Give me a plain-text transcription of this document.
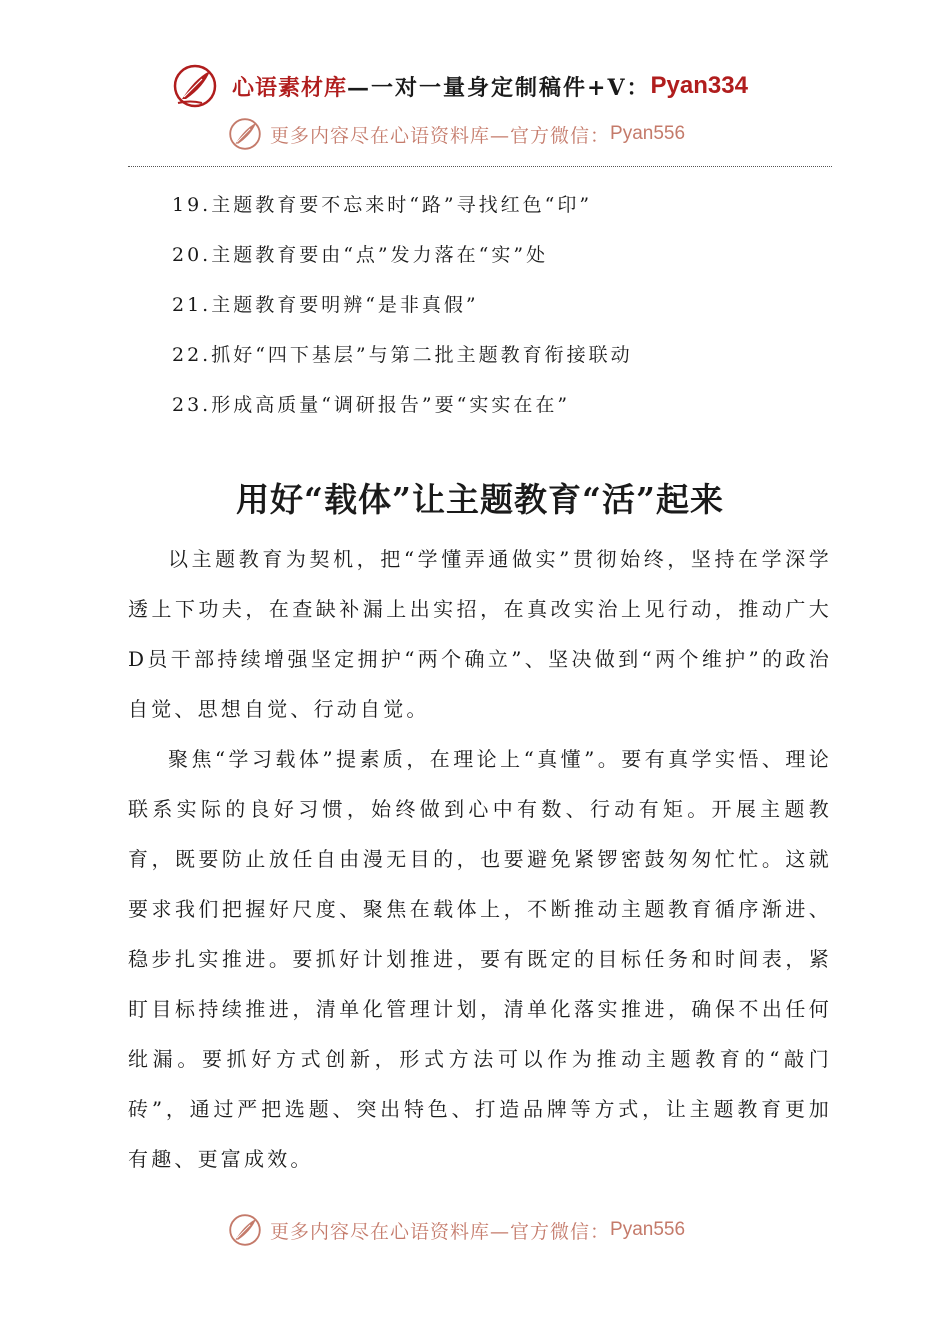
心语素材库 —一对一量身定制稿件+V： Pyan334
更多内容尽在心语资料库—官方微信： Pyan556
19.主题教育要不忘来时“路”寻找红色“印”
20.主题教育要由“点”发力落在“实”处
21.主题教育要明辨“是非真假”
22.抓好“四下基层”与第二批主题教育衔接联动
23.形成高质量“调研报告”要“实实在在”
用好“载体”让主题教育“活”起来

以主题教育为契机，把“学懂弄通做实”贯彻始终，坚持在学深学透上下功夫，在查缺补漏上出实招，在真改实治上见行动，推动广大D员干部持续增强坚定拥护“两个确立”、坚决做到“两个维护”的政治自觉、思想自觉、行动自觉。

聚焦“学习载体”提素质，在理论上“真懂”。要有真学实悟、理论联系实际的良好习惯，始终做到心中有数、行动有矩。开展主题教育，既要防止放任自由漫无目的，也要避免紧锣密鼓匆匆忙忙。这就要求我们把握好尺度、聚焦在载体上，不断推动主题教育循序渐进、稳步扎实推进。要抓好计划推进，要有既定的目标任务和时间表，紧盯目标持续推进，清单化管理计划，清单化落实推进，确保不出任何纰漏。要抓好方式创新，形式方法可以作为推动主题教育的“敲门砖”，通过严把选题、突出特色、打造品牌等方式，让主题教育更加有趣、更富成效。

更多内容尽在心语资料库—官方微信： Pyan556
